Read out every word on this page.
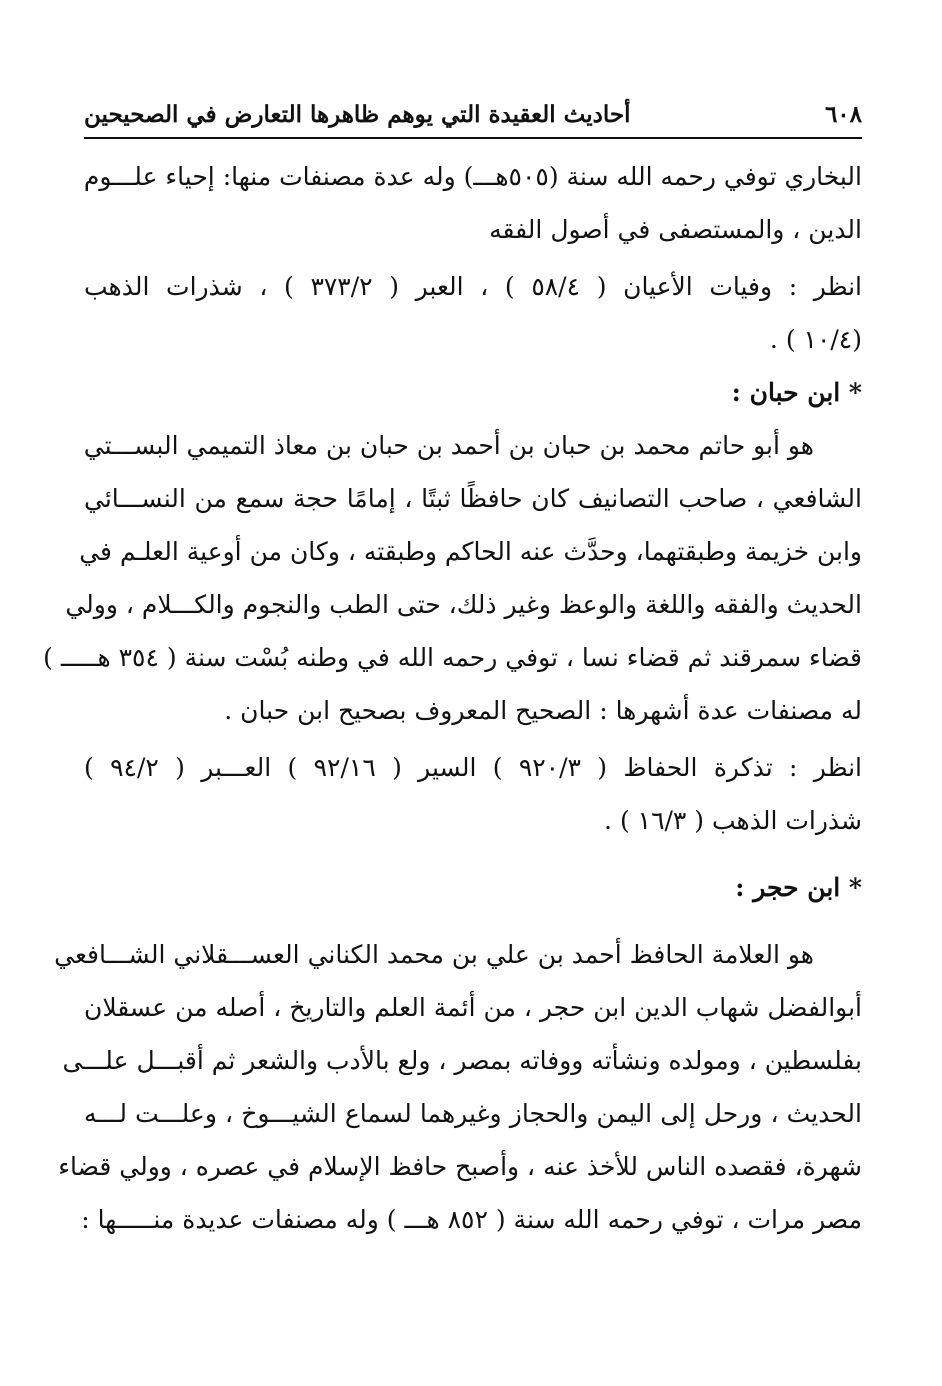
٦٠٨
أحاديث العقيدة التي يوهم ظاهرها التعارض في الصحيحين
البخاري توفي رحمه الله سنة (٥٠٥هـــ) وله عدة مصنفات منها: إحياء علـــوم
الدين ، والمستصفى في أصول الفقه
انظر : وفيات الأعيان ( ٥٨/٤ ) ، العبر ( ٣٧٣/٢ ) ، شذرات الذهب
(١٠/٤ ) .
* ابن حبان :
هو أبو حاتم محمد بن حبان بن أحمد بن حبان بن معاذ التميمي البســـتي
الشافعي ، صاحب التصانيف كان حافظًا ثبتًا ، إمامًا حجة سمع من النســـائي
وابن خزيمة وطبقتهما، وحدَّث عنه الحاكم وطبقته ، وكان من أوعية العلـم في
الحديث والفقه واللغة والوعظ وغير ذلك، حتى الطب والنجوم والكـــلام ، وولي
قضاء سمرقند ثم قضاء نسا ، توفي رحمه الله في وطنه بُسْت سنة ( ٣٥٤ هـــــ )
له مصنفات عدة أشهرها : الصحيح المعروف بصحيح ابن حبان .
انظر : تذكرة الحفاظ ( ٩٢٠/٣ ) السير ( ٩٢/١٦ ) العـــبر ( ٩٤/٢ )
شذرات الذهب ( ١٦/٣ ) .
* ابن حجر :
هو العلامة الحافظ أحمد بن علي بن محمد الكناني العســـقلاني الشـــافعي
أبوالفضل شهاب الدين ابن حجر ، من أئمة العلم والتاريخ ، أصله من عسقلان
بفلسطين ، ومولده ونشأته ووفاته بمصر ، ولع بالأدب والشعر ثم أقبـــل علـــى
الحديث ، ورحل إلى اليمن والحجاز وغيرهما لسماع الشيـــوخ ، وعلـــت لـــه
شهرة، فقصده الناس للأخذ عنه ، وأصبح حافظ الإسلام في عصره ، وولي قضاء
مصر مرات ، توفي رحمه الله سنة ( ٨٥٢ هـــ ) وله مصنفات عديدة منـــــها :
